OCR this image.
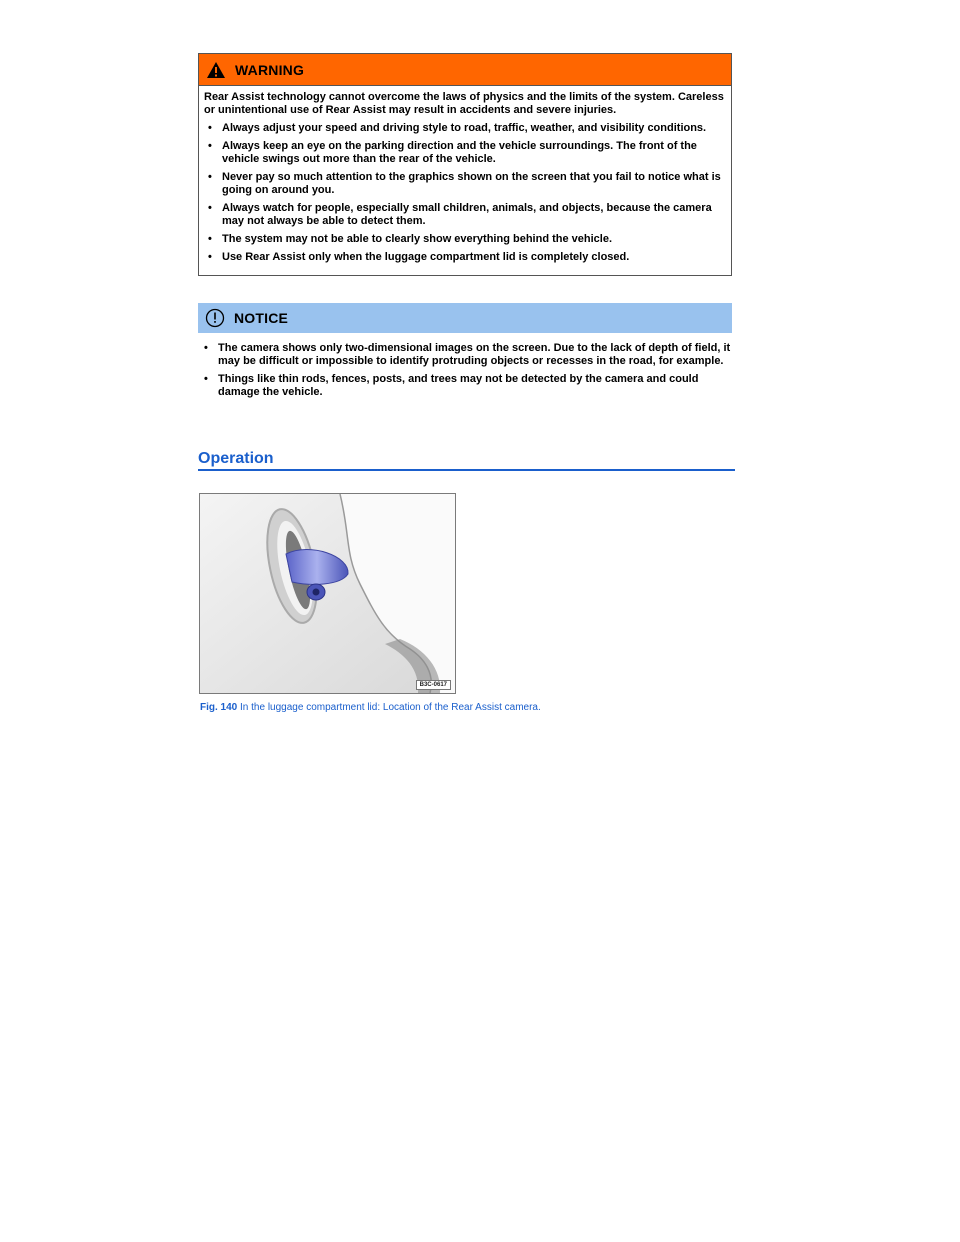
WARNING

Rear Assist technology cannot overcome the laws of physics and the limits of the system. Careless or unintentional use of Rear Assist may result in accidents and severe injuries.

• Always adjust your speed and driving style to road, traffic, weather, and visibility conditions.
• Always keep an eye on the parking direction and the vehicle surroundings. The front of the vehicle swings out more than the rear of the vehicle.
• Never pay so much attention to the graphics shown on the screen that you fail to notice what is going on around you.
• Always watch for people, especially small children, animals, and objects, because the camera may not always be able to detect them.
• The system may not be able to clearly show everything behind the vehicle.
• Use Rear Assist only when the luggage compartment lid is completely closed.
NOTICE
• The camera shows only two-dimensional images on the screen. Due to the lack of depth of field, it may be difficult or impossible to identify protruding objects or recesses in the road, for example.
• Things like thin rods, fences, posts, and trees may not be detected by the camera and could damage the vehicle.
Operation
B3C-0617
Fig. 140 In the luggage compartment lid: Location of the Rear Assist camera.
